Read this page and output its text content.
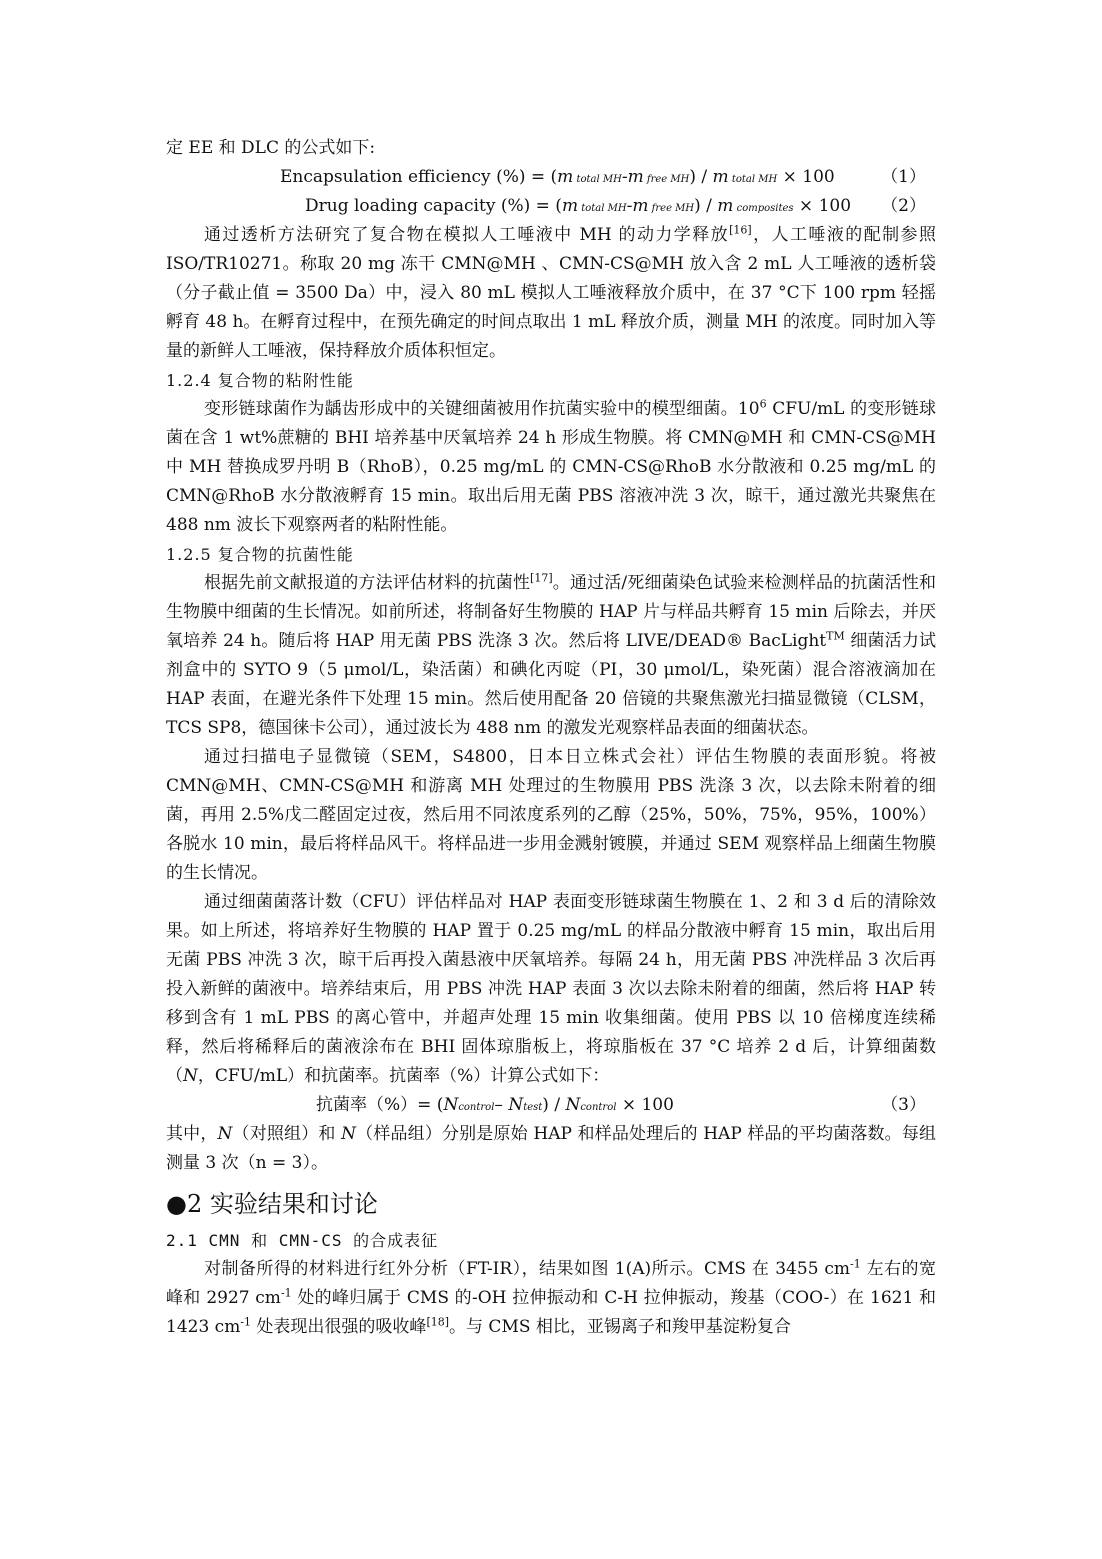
定 EE 和 DLC 的公式如下:

Encapsulation efficiency (%) = (m total MH-m free MH) / m total MH × 100	（1）
Drug loading capacity (%) = (m total MH-m free MH) / m composites × 100 （2）

通过透析方法研究了复合物在模拟人工唾液中 MH 的动力学释放[16]，人工唾液的配制参照 ISO/TR10271。称取 20 mg 冻干 CMN@MH 、CMN-CS@MH 放入含 2 mL 人工唾液的透析袋（分子截止值 = 3500 Da）中，浸入 80 mL 模拟人工唾液释放介质中，在 37 °C下 100 rpm 轻摇孵育 48 h。在孵育过程中，在预先确定的时间点取出 1 mL 释放介质，测量 MH 的浓度。同时加入等量的新鲜人工唾液，保持释放介质体积恒定。

1.2.4 复合物的粘附性能

变形链球菌作为龋齿形成中的关键细菌被用作抗菌实验中的模型细菌。$10^6$ CFU/mL 的变形链球菌在含 1 wt%蔗糖的 BHI 培养基中厌氧培养 24 h 形成生物膜。将 CMN@MH 和 CMN-CS@MH 中 MH 替换成罗丹明 B（RhoB），0.25 mg/mL 的 CMN-CS@RhoB 水分散液和 0.25 mg/mL 的 CMN@RhoB 水分散液孵育 15 min。取出后用无菌 PBS 溶液冲洗 3 次，晾干，通过激光共聚焦在 488 nm 波长下观察两者的粘附性能。

1.2.5 复合物的抗菌性能

根据先前文献报道的方法评估材料的抗菌性[17]。通过活/死细菌染色试验来检测样品的抗菌活性和生物膜中细菌的生长情况。如前所述，将制备好生物膜的 HAP 片与样品共孵育 15 min 后除去，并厌氧培养 24 h。随后将 HAP 用无菌 PBS 洗涤 3 次。然后将 LIVE/DEAD® BacLight™ 细菌活力试剂盒中的 SYTO 9（5 μmol/L，染活菌）和碘化丙啶（PI，30 μmol/L，染死菌）混合溶液滴加在 HAP 表面，在避光条件下处理 15 min。然后使用配备 20 倍镜的共聚焦激光扫描显微镜（CLSM，TCS SP8，德国徕卡公司），通过波长为 488 nm 的激发光观察样品表面的细菌状态。

通过扫描电子显微镜（SEM，S4800，日本日立株式会社）评估生物膜的表面形貌。将被 CMN@MH、CMN-CS@MH 和游离 MH 处理过的生物膜用 PBS 洗涤 3 次，以去除未附着的细菌，再用 2.5%戊二醛固定过夜，然后用不同浓度系列的乙醇（25%，50%，75%，95%，100%）各脱水 10 min，最后将样品风干。将样品进一步用金溅射镀膜，并通过 SEM 观察样品上细菌生物膜的生长情况。

通过细菌菌落计数（CFU）评估样品对 HAP 表面变形链球菌生物膜在 1、2 和 3 d 后的清除效果。如上所述，将培养好生物膜的 HAP 置于 0.25 mg/mL 的样品分散液中孵育 15 min，取出后用无菌 PBS 冲洗 3 次，晾干后再投入菌悬液中厌氧培养。每隔 24 h，用无菌 PBS 冲洗样品 3 次后再投入新鲜的菌液中。培养结束后，用 PBS 冲洗 HAP 表面 3 次以去除未附着的细菌，然后将 HAP 转移到含有 1 mL PBS 的离心管中，并超声处理 15 min 收集细菌。使用 PBS 以 10 倍梯度连续稀释，然后将稀释后的菌液涂布在 BHI 固体琼脂板上，将琼脂板在 37 °C 培养 2 d 后，计算细菌数（N，CFU/mL）和抗菌率。抗菌率（%）计算公式如下：

抗菌率（%）= (Ncontrol– Ntest) / Ncontrol × 100	（3）

其中，N（对照组）和 N（样品组）分别是原始 HAP 和样品处理后的 HAP 样品的平均菌落数。每组测量 3 次（n = 3）。

●2 实验结果和讨论

2.1 CMN 和 CMN-CS 的合成表征

对制备所得的材料进行红外分析（FT-IR），结果如图 1(A)所示。CMS 在 3455 $cm^{-1}$ 左右的宽峰和 2927 $cm^{-1}$ 处的峰归属于 CMS 的-OH 拉伸振动和 C-H 拉伸振动，羧基（COO-）在 1621 和 1423 $cm^{-1}$ 处表现出很强的吸收峰[18]。与 CMS 相比，亚锡离子和羧甲基淀粉复合
